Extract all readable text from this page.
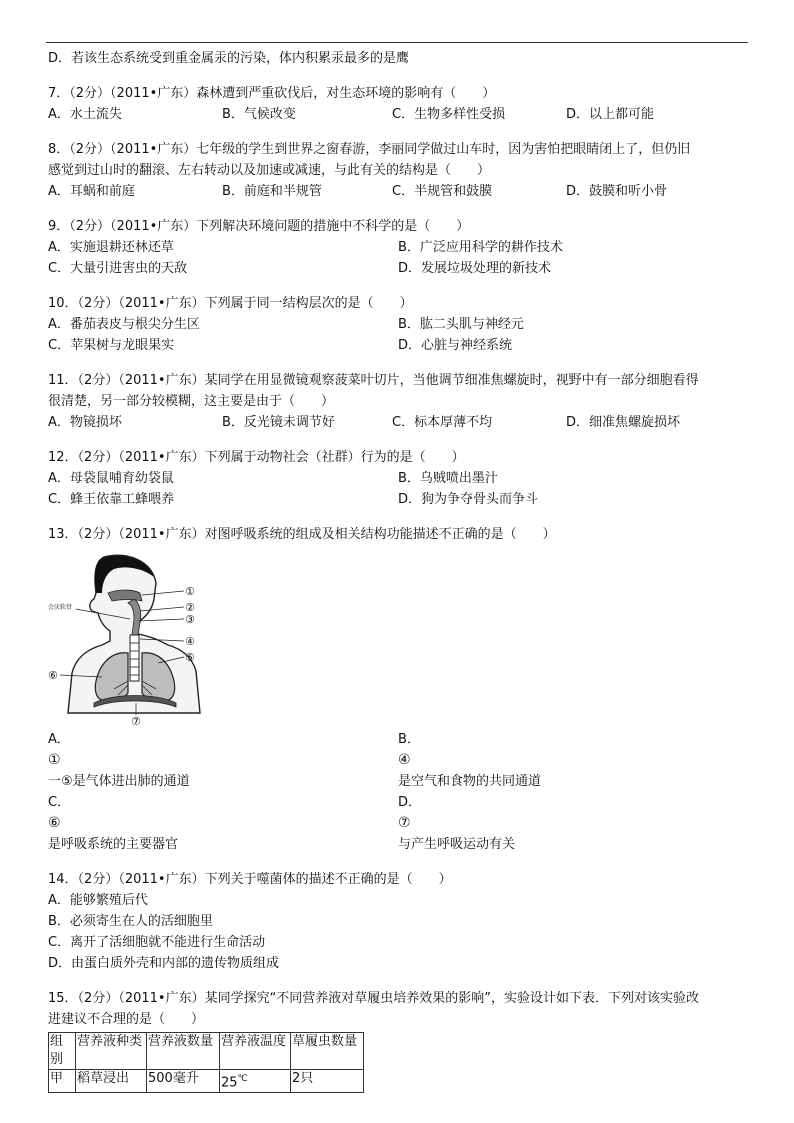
D．若该生态系统受到重金属汞的污染，体内积累汞最多的是鹰
7．（2分）（2011•广东）森林遭到严重砍伐后，对生态环境的影响有（　　）
A．水土流失	B．气候改变	C．生物多样性受损	D．以上都可能
8．（2分）（2011•广东）七年级的学生到世界之窗春游，李丽同学做过山车时，因为害怕把眼睛闭上了，但仍旧
感觉到过山时的翻滚、左右转动以及加速或减速，与此有关的结构是（　　）
A．耳蜗和前庭	B．前庭和半规管	C．半规管和鼓膜	D．鼓膜和听小骨
9．（2分）（2011•广东）下列解决环境问题的措施中不科学的是（　　）
A．实施退耕还林还草	B．广泛应用科学的耕作技术
C．大量引进害虫的天敌	D．发展垃圾处理的新技术
10．（2分）（2011•广东）下列属于同一结构层次的是（　　）
A．番茄表皮与根尖分生区	B．肱二头肌与神经元
C．苹果树与龙眼果实	D．心脏与神经系统
11．（2分）（2011•广东）某同学在用显微镜观察菠菜叶切片，当他调节细准焦螺旋时，视野中有一部分细胞看得
很清楚，另一部分较模糊，这主要是由于（　　）
A．物镜损坏	B．反光镜未调节好	C．标本厚薄不均	D．细准焦螺旋损坏
12．（2分）（2011•广东）下列属于动物社会（社群）行为的是（　　）
A．母袋鼠哺育幼袋鼠	B．乌贼喷出墨汁
C．蜂王依靠工蜂喂养	D．狗为争夺骨头而争斗
13．（2分）（2011•广东）对图呼吸系统的组成及相关结构功能描述不正确的是（　　）
会厌软骨
①
②
③
④
⑤
⑥
⑦
A．①一⑤是气体进出肺的通道
B．④是空气和食物的共同通道
C．⑥是呼吸系统的主要器官
D．⑦与产生呼吸运动有关
14．（2分）（2011•广东）下列关于噬菌体的描述不正确的是（　　）
A．能够繁殖后代
B．必须寄生在人的活细胞里
C．离开了活细胞就不能进行生命活动
D．由蛋白质外壳和内部的遗传物质组成
15．（2分）（2011•广东）某同学探究“不同营养液对草履虫培养效果的影响”，实验设计如下表．下列对该实验改
进建议不合理的是（　　）
组别	营养液种类	营养液数量	营养液温度	草履虫数量
甲	稻草浸出	500毫升	25℃	2只
